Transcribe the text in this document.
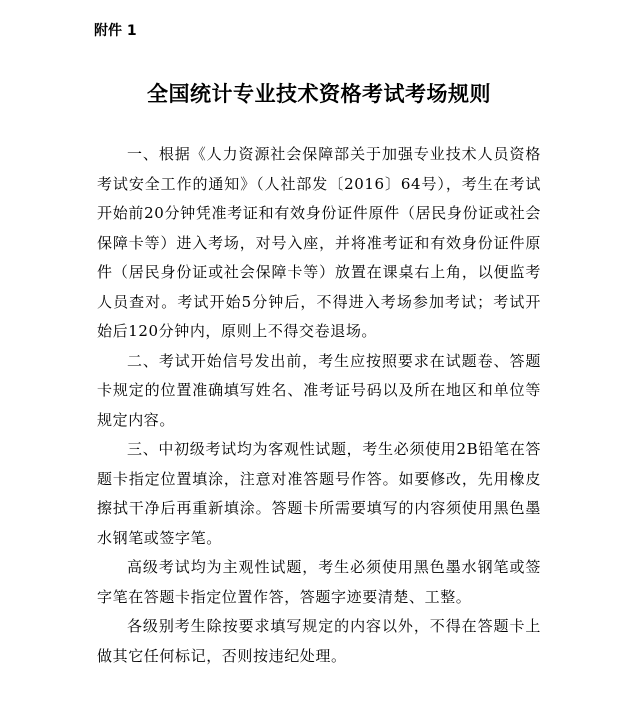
附件 1
全国统计专业技术资格考试考场规则

一、根据《人力资源社会保障部关于加强专业技术人员资格考试安全工作的通知》（人社部发〔2016〕64号），考生在考试开始前20分钟凭准考证和有效身份证件原件（居民身份证或社会保障卡等）进入考场，对号入座，并将准考证和有效身份证件原件（居民身份证或社会保障卡等）放置在课桌右上角，以便监考人员查对。考试开始5分钟后，不得进入考场参加考试；考试开始后120分钟内，原则上不得交卷退场。

二、考试开始信号发出前，考生应按照要求在试题卷、答题卡规定的位置准确填写姓名、准考证号码以及所在地区和单位等规定内容。

三、中初级考试均为客观性试题，考生必须使用2B铅笔在答题卡指定位置填涂，注意对准答题号作答。如要修改，先用橡皮擦拭干净后再重新填涂。答题卡所需要填写的内容须使用黑色墨水钢笔或签字笔。

高级考试均为主观性试题，考生必须使用黑色墨水钢笔或签字笔在答题卡指定位置作答，答题字迹要清楚、工整。

各级别考生除按要求填写规定的内容以外，不得在答题卡上做其它任何标记，否则按违纪处理。
